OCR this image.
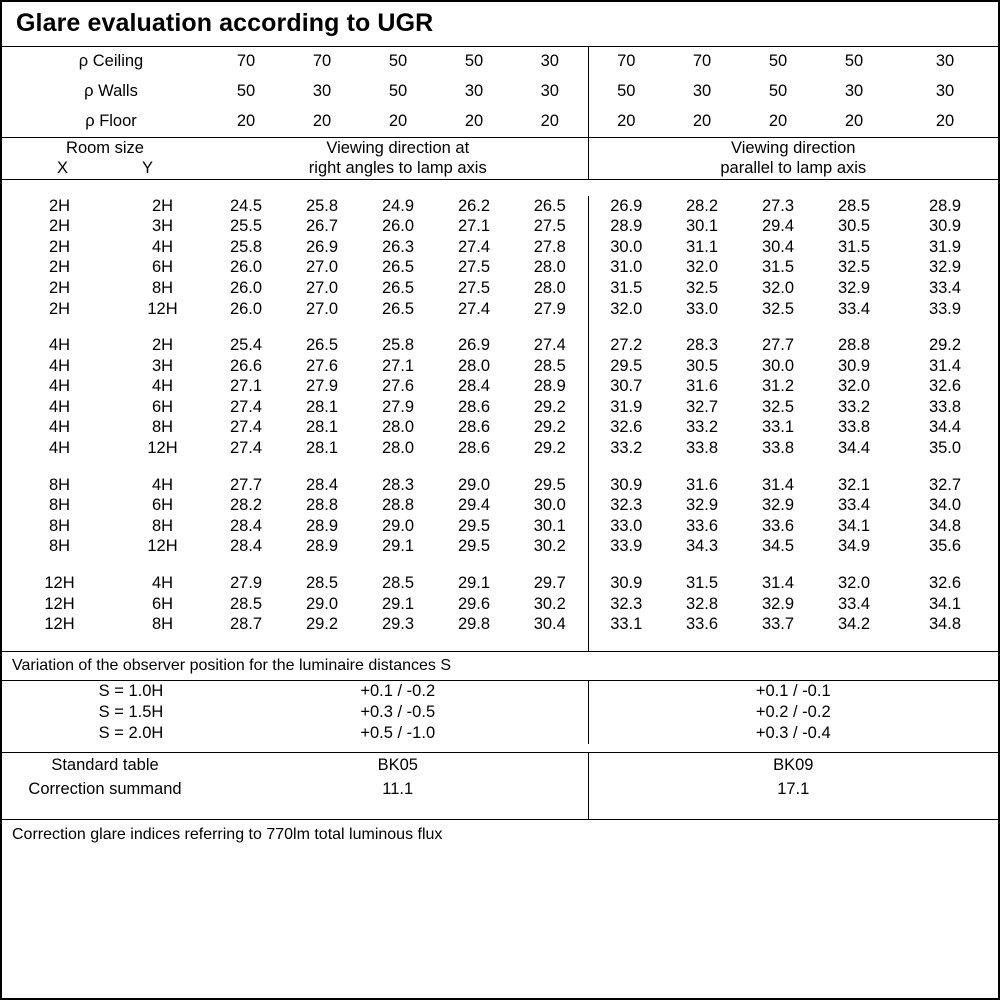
Glare evaluation according to UGR
ρ Ceiling	70	70	50	50	30	70	70	50	50	30
ρ Walls	50	30	50	30	30	50	30	50	30	30
ρ Floor	20	20	20	20	20	20	20	20	20	20
Room size
X	Y

Viewing direction at
right angles to lamp axis

Viewing direction
parallel to lamp axis

2H	2H	24.5	25.8	24.9	26.2	26.5	26.9	28.2	27.3	28.5	28.9
2H	3H	25.5	26.7	26.0	27.1	27.5	28.9	30.1	29.4	30.5	30.9
2H	4H	25.8	26.9	26.3	27.4	27.8	30.0	31.1	30.4	31.5	31.9
2H	6H	26.0	27.0	26.5	27.5	28.0	31.0	32.0	31.5	32.5	32.9
2H	8H	26.0	27.0	26.5	27.5	28.0	31.5	32.5	32.0	32.9	33.4
2H	12H	26.0	27.0	26.5	27.4	27.9	32.0	33.0	32.5	33.4	33.9

4H	2H	25.4	26.5	25.8	26.9	27.4	27.2	28.3	27.7	28.8	29.2
4H	3H	26.6	27.6	27.1	28.0	28.5	29.5	30.5	30.0	30.9	31.4
4H	4H	27.1	27.9	27.6	28.4	28.9	30.7	31.6	31.2	32.0	32.6
4H	6H	27.4	28.1	27.9	28.6	29.2	31.9	32.7	32.5	33.2	33.8
4H	8H	27.4	28.1	28.0	28.6	29.2	32.6	33.2	33.1	33.8	34.4
4H	12H	27.4	28.1	28.0	28.6	29.2	33.2	33.8	33.8	34.4	35.0

8H	4H	27.7	28.4	28.3	29.0	29.5	30.9	31.6	31.4	32.1	32.7
8H	6H	28.2	28.8	28.8	29.4	30.0	32.3	32.9	32.9	33.4	34.0
8H	8H	28.4	28.9	29.0	29.5	30.1	33.0	33.6	33.6	34.1	34.8
8H	12H	28.4	28.9	29.1	29.5	30.2	33.9	34.3	34.5	34.9	35.6

12H	4H	27.9	28.5	28.5	29.1	29.7	30.9	31.5	31.4	32.0	32.6
12H	6H	28.5	29.0	29.1	29.6	30.2	32.3	32.8	32.9	33.4	34.1
12H	8H	28.7	29.2	29.3	29.8	30.4	33.1	33.6	33.7	34.2	34.8

Variation of the observer position for the luminaire distances S
S = 1.0H	+0.1 / -0.2	+0.1 / -0.1
S = 1.5H	+0.3 / -0.5	+0.2 / -0.2
S = 2.0H	+0.5 / -1.0	+0.3 / -0.4
Standard table	BK05	BK09
Correction summand	11.1	17.1

Correction glare indices referring to 770lm total luminous flux
